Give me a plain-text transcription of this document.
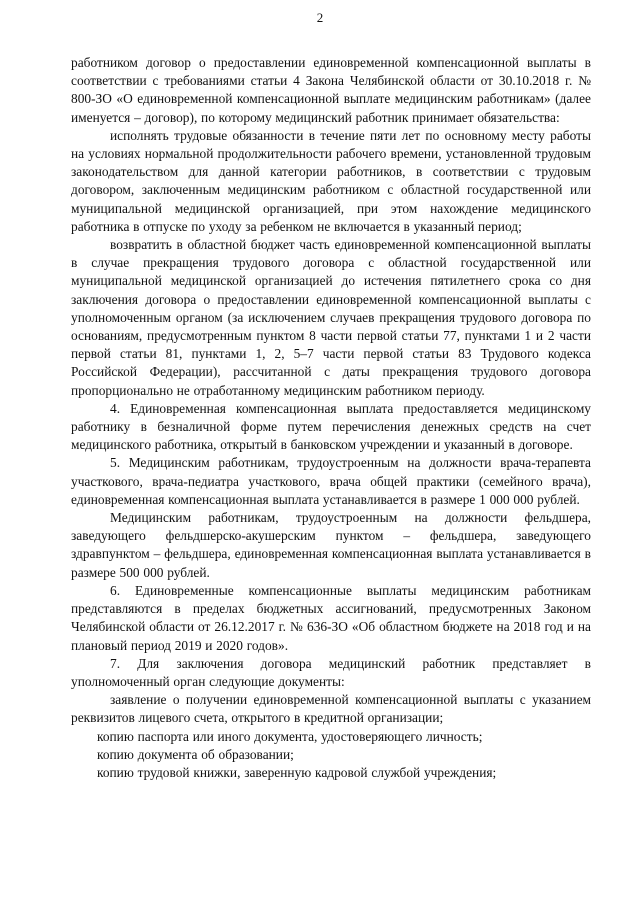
2

работником договор о предоставлении единовременной компенсационной выплаты в соответствии с требованиями статьи 4 Закона Челябинской области от 30.10.2018 г. № 800-ЗО «О единовременной компенсационной выплате медицинским работникам» (далее именуется – договор), по которому медицинский работник принимает обязательства:

исполнять трудовые обязанности в течение пяти лет по основному месту работы на условиях нормальной продолжительности рабочего времени, установленной трудовым законодательством для данной категории работников, в соответствии с трудовым договором, заключенным медицинским работником с областной государственной или муниципальной медицинской организацией, при этом нахождение медицинского работника в отпуске по уходу за ребенком не включается в указанный период;

возвратить в областной бюджет часть единовременной компенсационной выплаты в случае прекращения трудового договора с областной государственной или муниципальной медицинской организацией до истечения пятилетнего срока со дня заключения договора о предоставлении единовременной компенсационной выплаты с уполномоченным органом (за исключением случаев прекращения трудового договора по основаниям, предусмотренным пунктом 8 части первой статьи 77, пунктами 1 и 2 части первой статьи 81, пунктами 1, 2, 5–7 части первой статьи 83 Трудового кодекса Российской Федерации), рассчитанной с даты прекращения трудового договора пропорционально не отработанному медицинским работником периоду.

4. Единовременная компенсационная выплата предоставляется медицинскому работнику в безналичной форме путем перечисления денежных средств на счет медицинского работника, открытый в банковском учреждении и указанный в договоре.

5. Медицинским работникам, трудоустроенным на должности врача-терапевта участкового, врача-педиатра участкового, врача общей практики (семейного врача), единовременная компенсационная выплата устанавливается в размере 1 000 000 рублей.

Медицинским работникам, трудоустроенным на должности фельдшера, заведующего фельдшерско-акушерским пунктом – фельдшера, заведующего здравпунктом – фельдшера, единовременная компенсационная выплата устанавливается в размере 500 000 рублей.

6. Единовременные компенсационные выплаты медицинским работникам представляются в пределах бюджетных ассигнований, предусмотренных Законом Челябинской области от 26.12.2017 г. № 636-ЗО «Об областном бюджете на 2018 год и на плановый период 2019 и 2020 годов».

7. Для заключения договора медицинский работник представляет в уполномоченный орган следующие документы:

заявление о получении единовременной компенсационной выплаты с указанием реквизитов лицевого счета, открытого в кредитной организации;

копию паспорта или иного документа, удостоверяющего личность;

копию документа об образовании;

копию трудовой книжки, заверенную кадровой службой учреждения;
